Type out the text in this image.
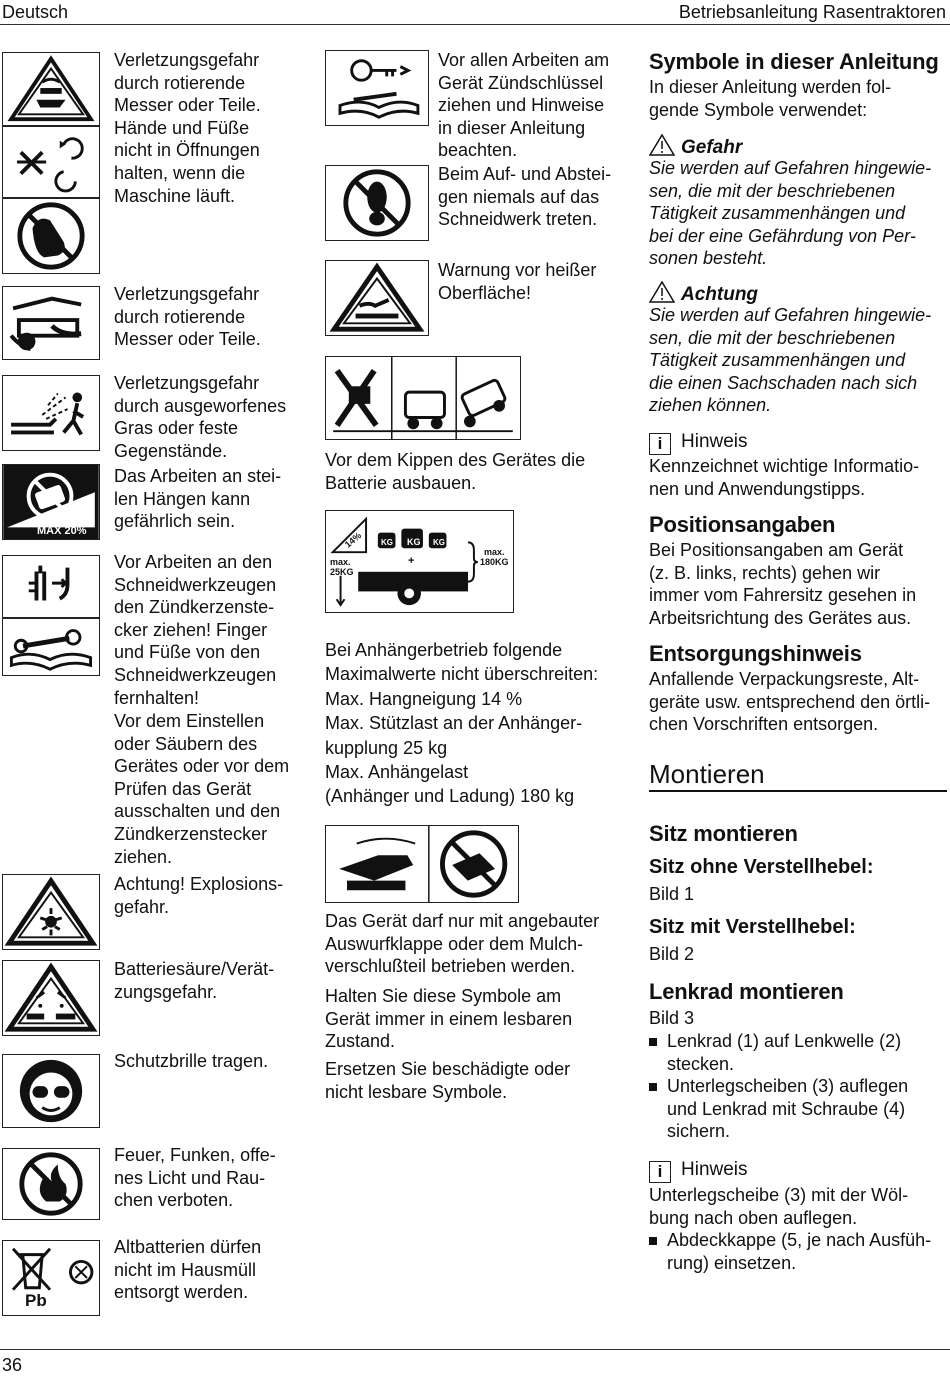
Deutsch	Betriebsanleitung Rasentraktoren
MAX 20%
Pb
Verletzungsgefahr
durch rotierende
Messer oder Teile.
Hände und Füße
nicht in Öffnungen
halten, wenn die
Maschine läuft.
Verletzungsgefahr
durch rotierende
Messer oder Teile.
Verletzungsgefahr
durch ausgeworfenes
Gras oder feste
Gegenstände.
Das Arbeiten an stei-
len Hängen kann
gefährlich sein.
Vor Arbeiten an den
Schneidwerkzeugen
den Zündkerzenste-
cker ziehen! Finger
und Füße von den
Schneidwerkzeugen
fernhalten!
Vor dem Einstellen
oder Säubern des
Gerätes oder vor dem
Prüfen das Gerät
ausschalten und den
Zündkerzenstecker
ziehen.
Achtung! Explosions-
gefahr.
Batteriesäure/Verät-
zungsgefahr.
Schutzbrille tragen.
Feuer, Funken, offe-
nes Licht und Rau-
chen verboten.
Altbatterien dürfen
nicht im Hausmüll
entsorgt werden.
14% KG KG KG
+
max.
25KG
max.
180KG
Vor allen Arbeiten am
Gerät Zündschlüssel
ziehen und Hinweise
in dieser Anleitung
beachten.
Beim Auf- und Abstei-
gen niemals auf das
Schneidwerk treten.
Warnung vor heißer
Oberfläche!
Vor dem Kippen des Gerätes die
Batterie ausbauen.
Bei Anhängerbetrieb folgende
Maximalwerte nicht überschreiten:
Max. Hangneigung 14 %
Max. Stützlast an der Anhänger-
kupplung 25 kg
Max. Anhängelast
(Anhänger und Ladung) 180 kg
Das Gerät darf nur mit angebauter
Auswurfklappe oder dem Mulch-
verschlußteil betrieben werden.
Halten Sie diese Symbole am
Gerät immer in einem lesbaren
Zustand.
Ersetzen Sie beschädigte oder
nicht lesbare Symbole.
Symbole in dieser Anleitung
In dieser Anleitung werden fol-
gende Symbole verwendet:
Gefahr
Sie werden auf Gefahren hingewie-
sen, die mit der beschriebenen
Tätigkeit zusammenhängen und
bei der eine Gefährdung von Per-
sonen besteht.
Achtung
Sie werden auf Gefahren hingewie-
sen, die mit der beschriebenen
Tätigkeit zusammenhängen und
die einen Sachschaden nach sich
ziehen können.
i Hinweis
Kennzeichnet wichtige Informatio-
nen und Anwendungstipps.
Positionsangaben
Bei Positionsangaben am Gerät
(z. B. links, rechts) gehen wir
immer vom Fahrersitz gesehen in
Arbeitsrichtung des Gerätes aus.
Entsorgungshinweis
Anfallende Verpackungsreste, Alt-
geräte usw. entsprechend den örtli-
chen Vorschriften entsorgen.
Montieren
Sitz montieren
Sitz ohne Verstellhebel:
Bild 1
Sitz mit Verstellhebel:
Bild 2
Lenkrad montieren
Bild 3
Lenkrad (1) auf Lenkwelle (2)
stecken.
Unterlegscheiben (3) auflegen
und Lenkrad mit Schraube (4)
sichern.
i Hinweis
Unterlegscheibe (3) mit der Wöl-
bung nach oben auflegen.
Abdeckkappe (5, je nach Ausfüh-
rung) einsetzen.
36
